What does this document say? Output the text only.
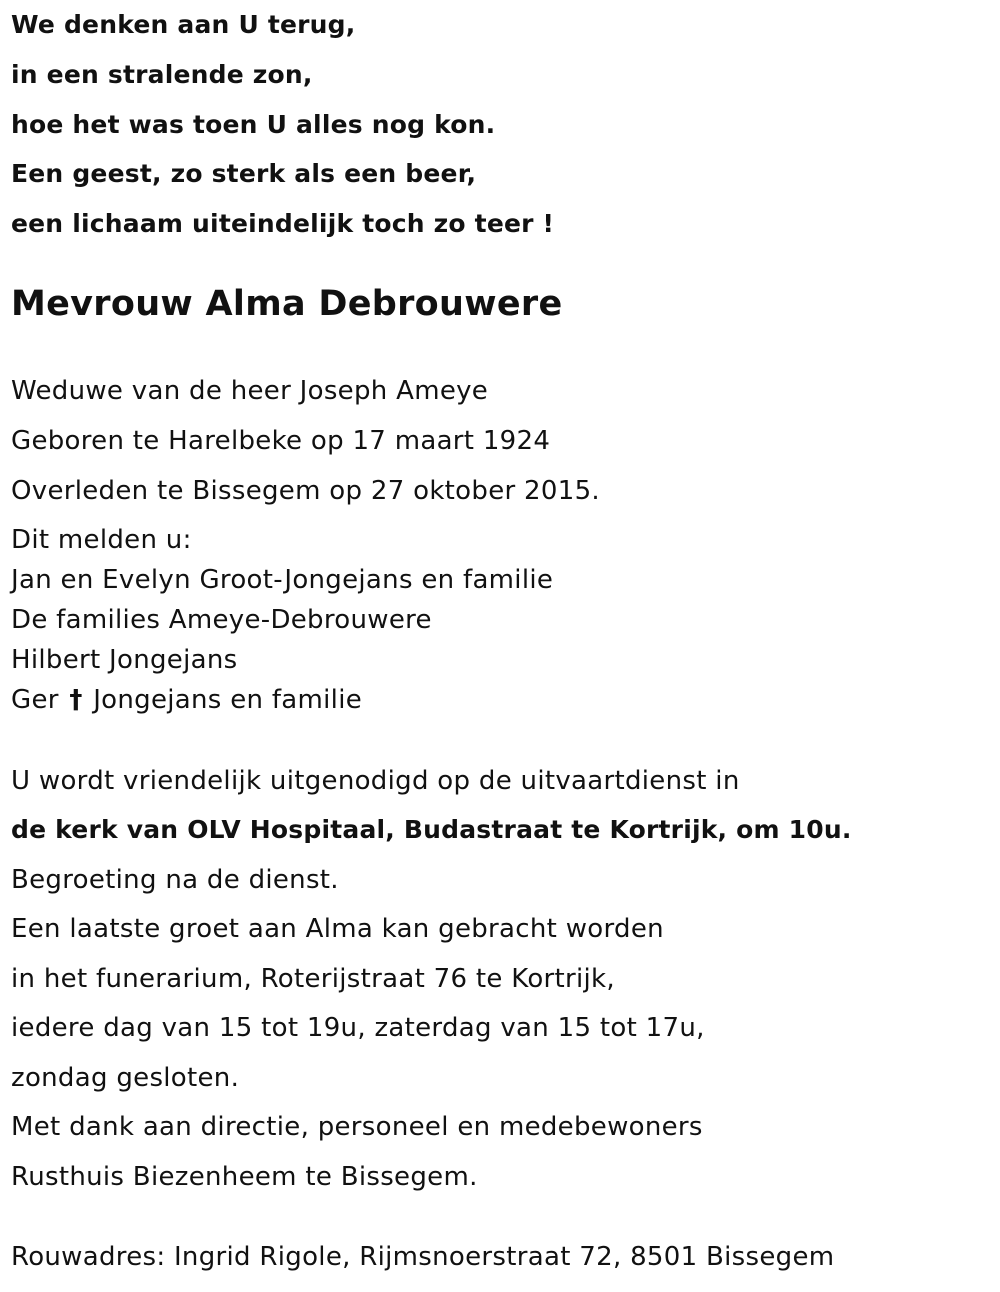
We denken aan U terug,
in een stralende zon,
hoe het was toen U alles nog kon.
Een geest, zo sterk als een beer,
een lichaam uiteindelijk toch zo teer !
Mevrouw Alma Debrouwere
Weduwe van de heer Joseph Ameye
Geboren te Harelbeke op 17 maart 1924
Overleden te Bissegem op 27 oktober 2015.
Dit melden u:
Jan en Evelyn Groot-Jongejans en familie
De families Ameye-Debrouwere
Hilbert Jongejans
Ger † Jongejans en familie
U wordt vriendelijk uitgenodigd op de uitvaartdienst in
de kerk van OLV Hospitaal, Budastraat te Kortrijk, om 10u.
Begroeting na de dienst.
Een laatste groet aan Alma kan gebracht worden
in het funerarium, Roterijstraat 76 te Kortrijk,
iedere dag van 15 tot 19u, zaterdag van 15 tot 17u,
zondag gesloten.
Met dank aan directie, personeel en medebewoners
Rusthuis Biezenheem te Bissegem.
Rouwadres: Ingrid Rigole, Rijmsnoerstraat 72, 8501 Bissegem
